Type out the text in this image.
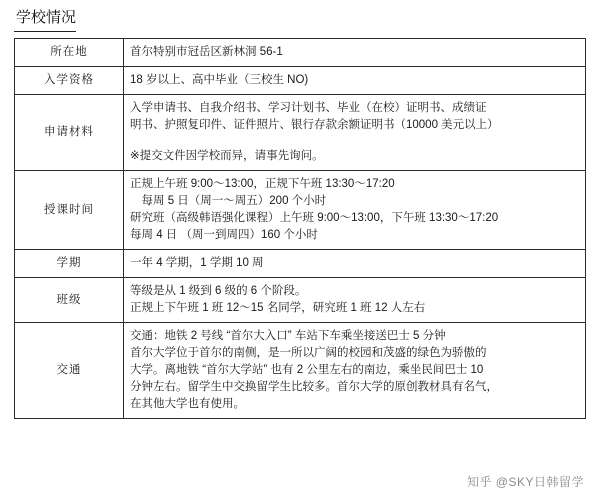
学校情况
所在地	首尔特别市冠岳区新林洞 56-1

入学资格	18 岁以上、高中毕业（三校生 NO)

申请材料	入学申请书、自我介绍书、学习计划书、毕业（在校）证明书、成绩证
明书、护照复印件、证件照片、银行存款余额证明书（10000 美元以上）
※提交文件因学校而异，请事先询问。

授课时间	正规上午班 9:00～13:00，正规下午班 13:30～17:20
　每周 5 日（周一～周五）200 个小时
研究班（高级韩语强化课程）上午班 9:00～13:00，下午班 13:30～17:20
每周 4 日 （周一到周四）160 个小时

学期	一年 4 学期，1 学期 10 周

班级	等级是从 1 级到 6 级的 6 个阶段。
正规上下午班 1 班 12～15 名同学，研究班 1 班 12 人左右

交通	交通：地铁 2 号线 “首尔大入口” 车站下车乘坐接送巴士 5 分钟
首尔大学位于首尔的南侧，是一所以广阔的校园和茂盛的绿色为骄傲的
大学。离地铁 “首尔大学站” 也有 2 公里左右的南边，乘坐民间巴士 10
分钟左右。留学生中交换留学生比较多。首尔大学的原创教材具有名气，
在其他大学也有使用。
知乎 @SKY日韩留学
